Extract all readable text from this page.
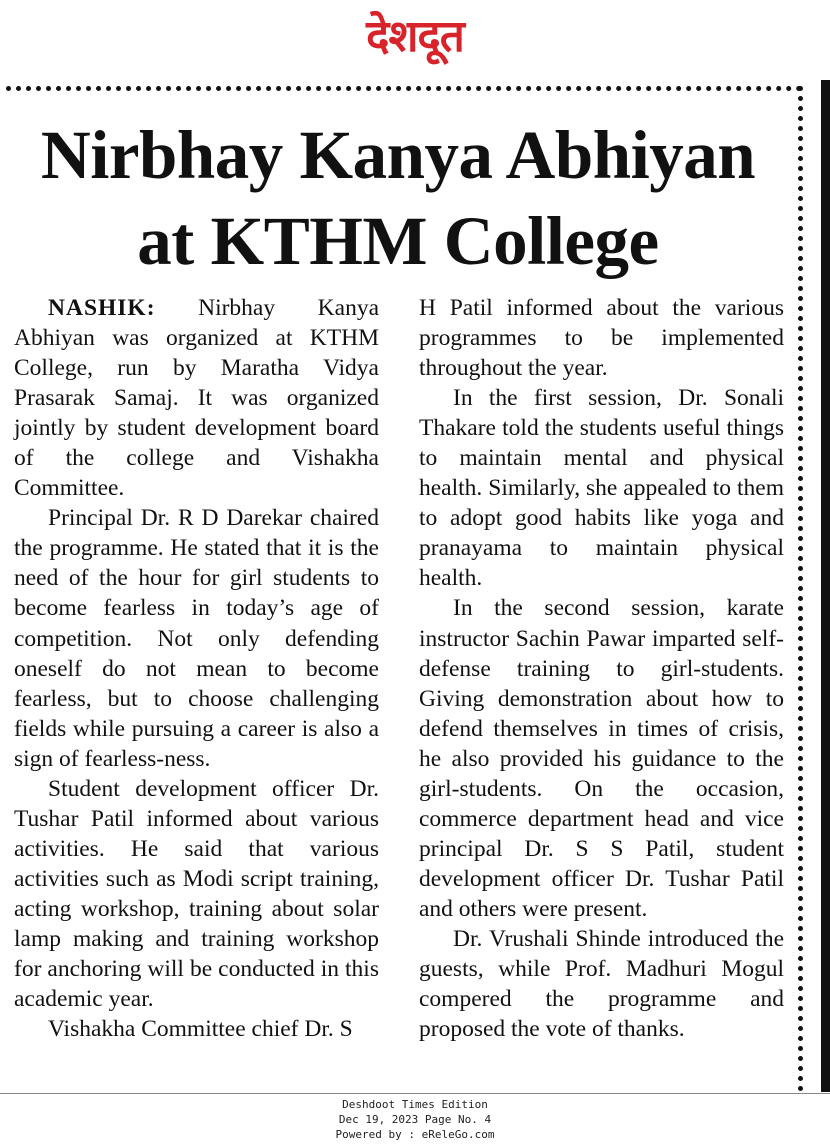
देशदूत
Nirbhay Kanya Abhiyan
at KTHM College

NASHIK: Nirbhay Kanya Abhiyan was organized at KTHM College, run by Maratha Vidya Prasarak Samaj. It was organized jointly by student development board of the college and Vishakha Committee.

Principal Dr. R D Darekar chaired the programme. He stated that it is the need of the hour for girl students to become fearless in today’s age of competition. Not only defending oneself do not mean to become fearless, but to choose challenging fields while pursuing a career is also a sign of fearless-ness.

Student development officer Dr. Tushar Patil informed about various activities. He said that various activities such as Modi script training, acting workshop, training about solar lamp making and training workshop for anchoring will be conducted in this academic year.

Vishakha Committee chief Dr. S

H Patil informed about the various programmes to be implemented throughout the year.

In the first session, Dr. Sonali Thakare told the students useful things to maintain mental and physical health. Similarly, she appealed to them to adopt good habits like yoga and pranayama to maintain physical health.

In the second session, karate instructor Sachin Pawar imparted self-defense training to girl-students. Giving demonstration about how to defend themselves in times of crisis, he also provided his guidance to the girl-students. On the occasion, commerce department head and vice principal Dr. S S Patil, student development officer Dr. Tushar Patil and others were present.

Dr. Vrushali Shinde introduced the guests, while Prof. Madhuri Mogul compered the programme and proposed the vote of thanks.

Deshdoot Times Edition
Dec 19, 2023 Page No. 4
Powered by : eReleGo.com
